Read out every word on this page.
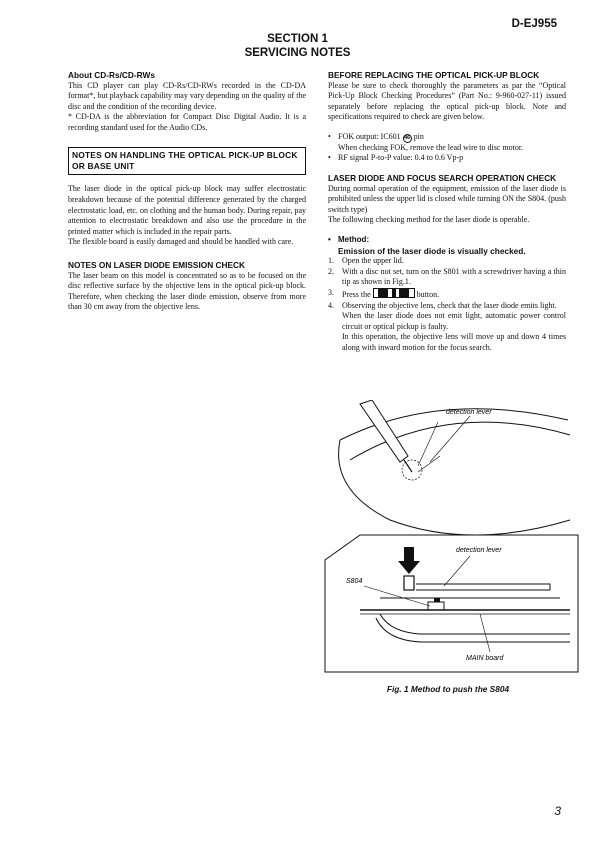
D-EJ955
SECTION 1
SERVICING NOTES

About CD-Rs/CD-RWs

This CD player can play CD-Rs/CD-RWs recorded in the CD-DA format*, but playback capability may vary depending on the quality of the disc and the condition of the recording device.

* CD-DA is the abbreviation for Compact Disc Digital Audio. It is a recording standard used for the Audio CDs.

NOTES ON HANDLING THE OPTICAL PICK-UP BLOCK OR BASE UNIT

The laser diode in the optical pick-up block may suffer electrostatic breakdown because of the potential difference generated by the charged electrostatic load, etc. on clothing and the human body. During repair, pay attention to electrostatic breakdown and also use the procedure in the printed matter which is included in the repair parts.

The flexible board is easily damaged and should be handled with care.

NOTES ON LASER DIODE EMISSION CHECK

The laser beam on this model is concentrated so as to be focused on the disc reflective surface by the objective lens in the optical pick-up block. Therefore, when checking the laser diode emission, observe from more than 30 cm away from the objective lens.

BEFORE REPLACING THE OPTICAL PICK-UP BLOCK

Please be sure to check thoroughly the parameters as par the “Optical Pick-Up Block Checking Procedures” (Part No.: 9-960-027-11) issued separately before replacing the optical pick-up block. Note and specifications required to check are given below.

• FOK output: IC601 46 pin
When checking FOK, remove the lead wire to disc motor.
• RF signal P-to-P value: 0.4 to 0.6 Vp-p

LASER DIODE AND FOCUS SEARCH OPERATION CHECK

During normal operation of the equipment, emission of the laser diode is prohibited unless the upper lid is closed while turning ON the S804. (push switch type)

The following checking method for the laser diode is operable.

• Method:
Emission of the laser diode is visually checked.
1. Open the upper lid.
2. With a disc not set, turn on the S801 with a screwdriver having a thin tip as shown in Fig.1.
3. Press the	button.
4. Observing the objective lens, check that the laser diode emits light.
When the laser diode does not emit light, automatic power control circuit or optical pickup is faulty.
In this operation, the objective lens will move up and down 4 times along with inward motion for the focus search.
detection lever
detection lever
S804
MAIN board
Fig. 1 Method to push the S804
3
